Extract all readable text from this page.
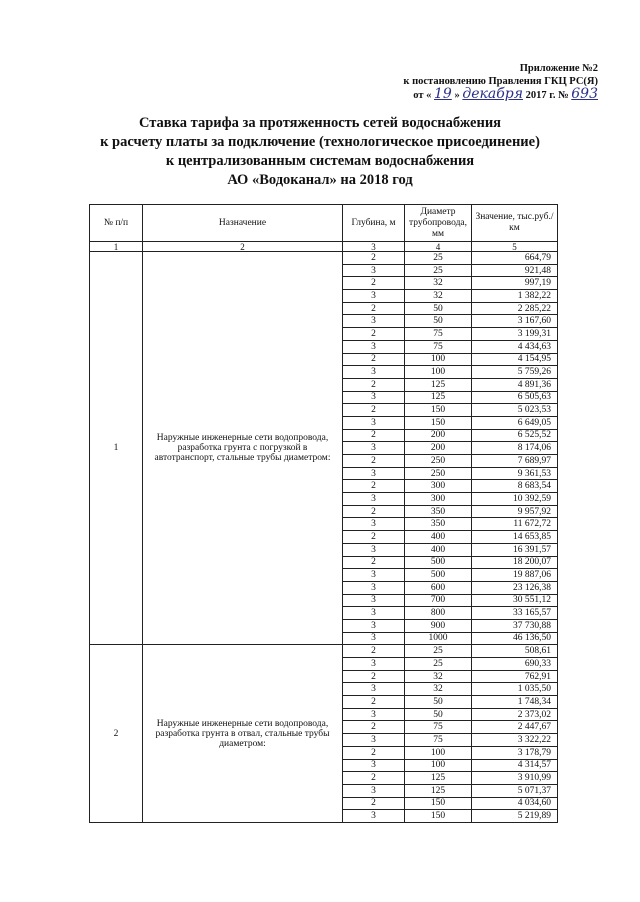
Приложение №2
к постановлению Правления ГКЦ РС(Я)
от « 19 » декабря 2017 г. № 693
Ставка тарифа за протяженность сетей водоснабжения
к расчету платы за подключение (технологическое присоединение)
к централизованным системам водоснабжения
АО «Водоканал» на 2018 год
№ п/п	Назначение	Глубина, м	Диаметр трубопровода, мм	Значение, тыс.руб./км
1	2	3	4	5
1	Наружные инженерные сети водопровода, разработка грунта с погрузкой в автотранспорт, стальные трубы диаметром:	2	25	664,79
		3	25	921,48
		2	32	997,19
		3	32	1 382,22
		2	50	2 285,22
		3	50	3 167,60
		2	75	3 199,31
		3	75	4 434,63
		2	100	4 154,95
		3	100	5 759,26
		2	125	4 891,36
		3	125	6 505,63
		2	150	5 023,53
		3	150	6 649,05
		2	200	6 525,52
		3	200	8 174,06
		2	250	7 689,97
		3	250	9 361,53
		2	300	8 683,54
		3	300	10 392,59
		2	350	9 957,92
		3	350	11 672,72
		2	400	14 653,85
		3	400	16 391,57
		2	500	18 200,07
		3	500	19 887,06
		3	600	23 126,38
		3	700	30 551,12
		3	800	33 165,57
		3	900	37 730,88
		3	1000	46 136,50
2	Наружные инженерные сети водопровода, разработка грунта в отвал, стальные трубы диаметром:	2	25	508,61
		3	25	690,33
		2	32	762,91
		3	32	1 035,50
		2	50	1 748,34
		3	50	2 373,02
		2	75	2 447,67
		3	75	3 322,22
		2	100	3 178,79
		3	100	4 314,57
		2	125	3 910,99
		3	125	5 071,37
		2	150	4 034,60
		3	150	5 219,89
